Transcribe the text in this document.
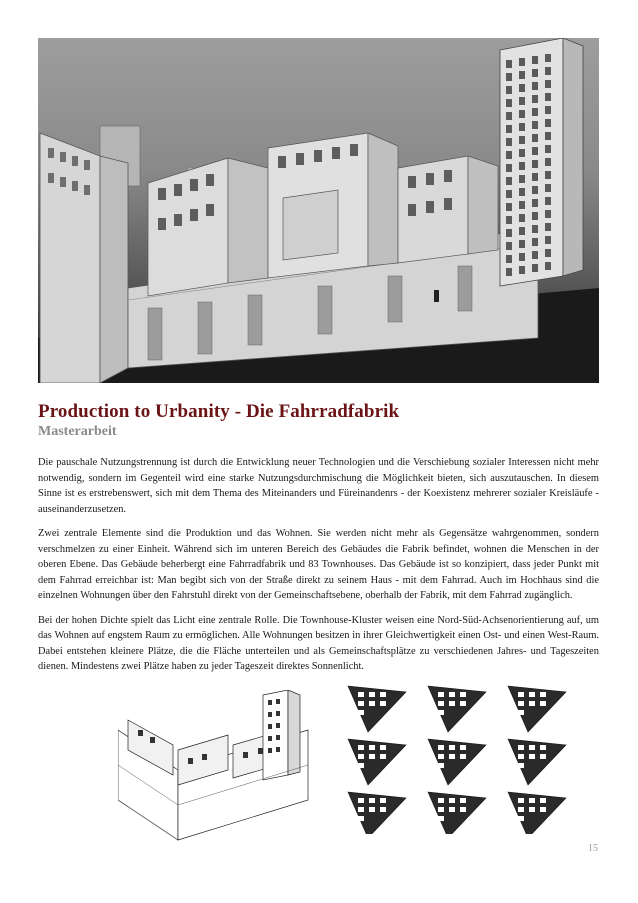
Production to Urbanity - Die Fahrradfabrik
Masterarbeit

Die pauschale Nutzungstrennung ist durch die Entwicklung neuer Technologien und die Verschiebung sozialer Interessen nicht mehr notwendig, sondern im Gegenteil wird eine starke Nutzungsdurchmischung die Möglichkeit bieten, sich auszutauschen. In diesem Sinne ist es erstrebenswert, sich mit dem Thema des Miteinanders und Füreinandenrs - der Koexistenz mehrerer sozialer Kreisläufe - auseinanderzusetzen.

Zwei zentrale Elemente sind die Produktion und das Wohnen. Sie werden nicht mehr als Gegensätze wahrgenommen, sondern verschmelzen zu einer Einheit. Während sich im unteren Bereich des Gebäudes die Fabrik befindet, wohnen die Menschen in der oberen Ebene. Das Gebäude beherbergt eine Fahrradfabrik und 83 Townhouses. Das Gebäude ist so konzipiert, dass jeder Punkt mit dem Fahrrad erreichbar ist: Man begibt sich von der Straße direkt zu seinem Haus - mit dem Fahrrad. Auch im Hochhaus sind die einzelnen Wohnungen über den Fahrstuhl direkt von der Gemeinschaftsebene, oberhalb der Fabrik, mit dem Fahrrad zugänglich.

Bei der hohen Dichte spielt das Licht eine zentrale Rolle. Die Townhouse-Kluster weisen eine Nord-Süd-Achsenorientierung auf, um das Wohnen auf engstem Raum zu ermöglichen. Alle Wohnungen besitzen in ihrer Gleichwertigkeit einen Ost- und einen West-Raum. Dabei entstehen kleinere Plätze, die die Fläche unterteilen und als Gemeinschaftsplätze zu verschiedenen Jahres- und Tageszeiten dienen. Mindestens zwei Plätze haben zu jeder Tageszeit direktes Sonnenlicht.

15
